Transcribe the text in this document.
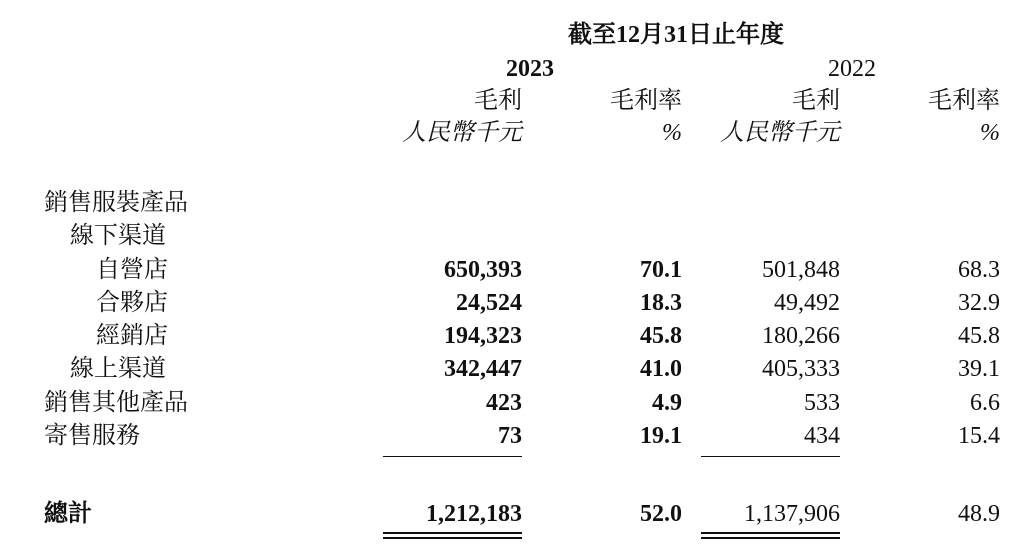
截至12月31日止年度
2023	2022
毛利	毛利率	毛利	毛利率
人民幣千元	%	人民幣千元	%
銷售服裝產品
線下渠道
自營店	650,393	70.1	501,848	68.3
合夥店	24,524	18.3	49,492	32.9
經銷店	194,323	45.8	180,266	45.8
線上渠道	342,447	41.0	405,333	39.1
銷售其他產品	423	4.9	533	6.6
寄售服務	73	19.1	434	15.4
總計	1,212,183	52.0	1,137,906	48.9
